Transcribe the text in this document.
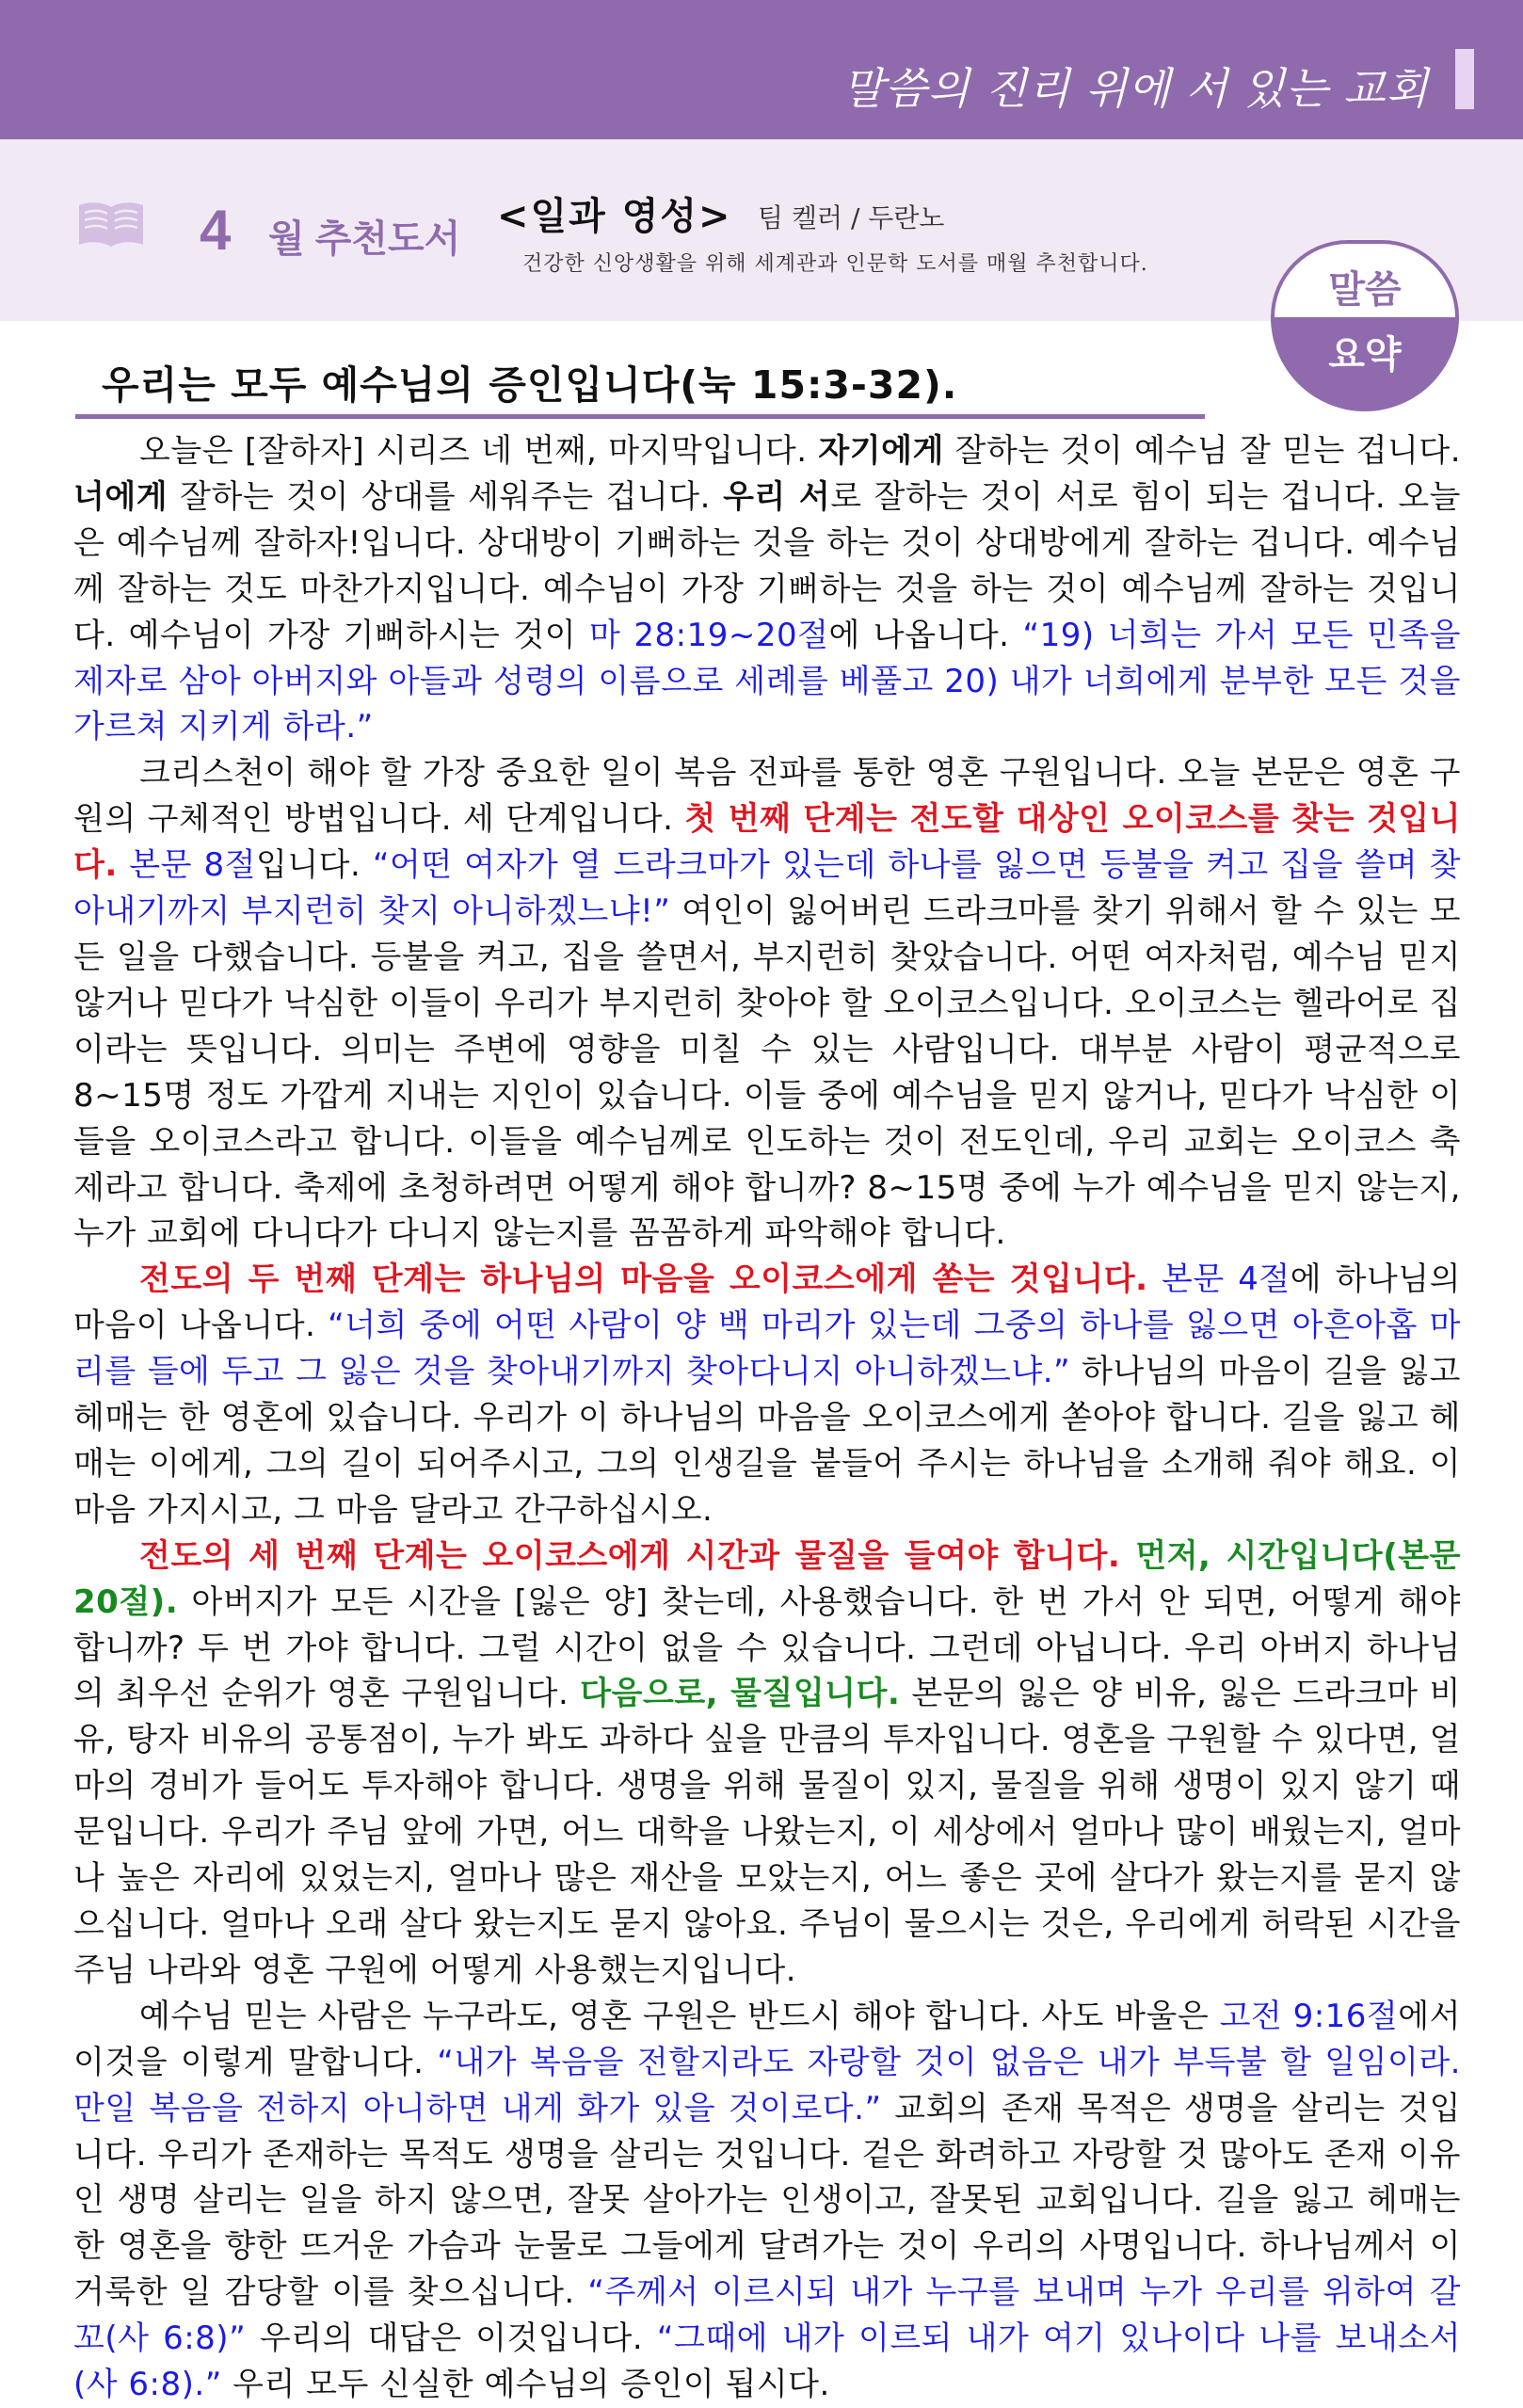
말씀의 진리 위에 서 있는 교회
4 월 추천도서
<일과 영성> 팀 켈러 / 두란노
건강한 신앙생활을 위해 세계관과 인문학 도서를 매월 추천합니다.
말씀
요약
우리는 모두 예수님의 증인입니다(눅 15:3-32).

오늘은 [잘하자] 시리즈 네 번째, 마지막입니다. 자기에게 잘하는 것이 예수님 잘 믿는 겁니다. 너에게 잘하는 것이 상대를 세워주는 겁니다. 우리 서로 잘하는 것이 서로 힘이 되는 겁니다. 오늘은 예수님께 잘하자!입니다. 상대방이 기뻐하는 것을 하는 것이 상대방에게 잘하는 겁니다. 예수님께 잘하는 것도 마찬가지입니다. 예수님이 가장 기뻐하는 것을 하는 것이 예수님께 잘하는 것입니다. 예수님이 가장 기뻐하시는 것이 마 28:19~20절에 나옵니다. “19) 너희는 가서 모든 민족을 제자로 삼아 아버지와 아들과 성령의 이름으로 세례를 베풀고 20) 내가 너희에게 분부한 모든 것을 가르쳐 지키게 하라.”

크리스천이 해야 할 가장 중요한 일이 복음 전파를 통한 영혼 구원입니다. 오늘 본문은 영혼 구원의 구체적인 방법입니다. 세 단계입니다. 첫 번째 단계는 전도할 대상인 오이코스를 찾는 것입니다. 본문 8절입니다. “어떤 여자가 열 드라크마가 있는데 하나를 잃으면 등불을 켜고 집을 쓸며 찾아내기까지 부지런히 찾지 아니하겠느냐!” 여인이 잃어버린 드라크마를 찾기 위해서 할 수 있는 모든 일을 다했습니다. 등불을 켜고, 집을 쓸면서, 부지런히 찾았습니다. 어떤 여자처럼, 예수님 믿지 않거나 믿다가 낙심한 이들이 우리가 부지런히 찾아야 할 오이코스입니다. 오이코스는 헬라어로 집이라는 뜻입니다. 의미는 주변에 영향을 미칠 수 있는 사람입니다. 대부분 사람이 평균적으로 8~15명 정도 가깝게 지내는 지인이 있습니다. 이들 중에 예수님을 믿지 않거나, 믿다가 낙심한 이들을 오이코스라고 합니다. 이들을 예수님께로 인도하는 것이 전도인데, 우리 교회는 오이코스 축제라고 합니다. 축제에 초청하려면 어떻게 해야 합니까? 8~15명 중에 누가 예수님을 믿지 않는지, 누가 교회에 다니다가 다니지 않는지를 꼼꼼하게 파악해야 합니다.

전도의 두 번째 단계는 하나님의 마음을 오이코스에게 쏟는 것입니다. 본문 4절에 하나님의 마음이 나옵니다. “너희 중에 어떤 사람이 양 백 마리가 있는데 그중의 하나를 잃으면 아흔아홉 마리를 들에 두고 그 잃은 것을 찾아내기까지 찾아다니지 아니하겠느냐.” 하나님의 마음이 길을 잃고 헤매는 한 영혼에 있습니다. 우리가 이 하나님의 마음을 오이코스에게 쏟아야 합니다. 길을 잃고 헤매는 이에게, 그의 길이 되어주시고, 그의 인생길을 붙들어 주시는 하나님을 소개해 줘야 해요. 이 마음 가지시고, 그 마음 달라고 간구하십시오.

전도의 세 번째 단계는 오이코스에게 시간과 물질을 들여야 합니다. 먼저, 시간입니다(본문 20절). 아버지가 모든 시간을 [잃은 양] 찾는데, 사용했습니다. 한 번 가서 안 되면, 어떻게 해야 합니까? 두 번 가야 합니다. 그럴 시간이 없을 수 있습니다. 그런데 아닙니다. 우리 아버지 하나님의 최우선 순위가 영혼 구원입니다. 다음으로, 물질입니다. 본문의 잃은 양 비유, 잃은 드라크마 비유, 탕자 비유의 공통점이, 누가 봐도 과하다 싶을 만큼의 투자입니다. 영혼을 구원할 수 있다면, 얼마의 경비가 들어도 투자해야 합니다. 생명을 위해 물질이 있지, 물질을 위해 생명이 있지 않기 때문입니다. 우리가 주님 앞에 가면, 어느 대학을 나왔는지, 이 세상에서 얼마나 많이 배웠는지, 얼마나 높은 자리에 있었는지, 얼마나 많은 재산을 모았는지, 어느 좋은 곳에 살다가 왔는지를 묻지 않으십니다. 얼마나 오래 살다 왔는지도 묻지 않아요. 주님이 물으시는 것은, 우리에게 허락된 시간을 주님 나라와 영혼 구원에 어떻게 사용했는지입니다.

예수님 믿는 사람은 누구라도, 영혼 구원은 반드시 해야 합니다. 사도 바울은 고전 9:16절에서 이것을 이렇게 말합니다. “내가 복음을 전할지라도 자랑할 것이 없음은 내가 부득불 할 일임이라. 만일 복음을 전하지 아니하면 내게 화가 있을 것이로다.” 교회의 존재 목적은 생명을 살리는 것입니다. 우리가 존재하는 목적도 생명을 살리는 것입니다. 겉은 화려하고 자랑할 것 많아도 존재 이유인 생명 살리는 일을 하지 않으면, 잘못 살아가는 인생이고, 잘못된 교회입니다. 길을 잃고 헤매는 한 영혼을 향한 뜨거운 가슴과 눈물로 그들에게 달려가는 것이 우리의 사명입니다. 하나님께서 이 거룩한 일 감당할 이를 찾으십니다. “주께서 이르시되 내가 누구를 보내며 누가 우리를 위하여 갈꼬(사 6:8)” 우리의 대답은 이것입니다. “그때에 내가 이르되 내가 여기 있나이다 나를 보내소서(사 6:8).” 우리 모두 신실한 예수님의 증인이 됩시다.
